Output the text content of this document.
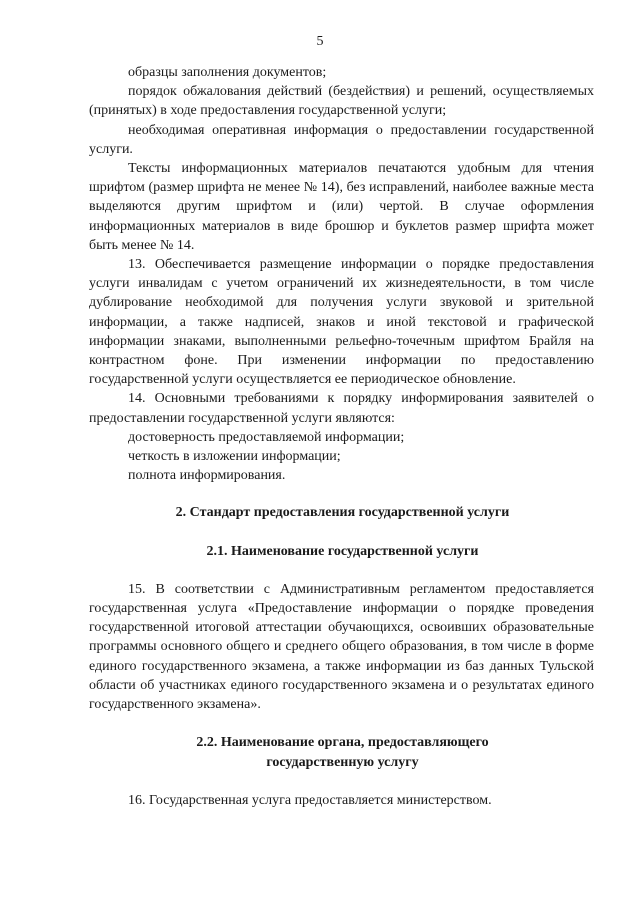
5

образцы заполнения документов;

порядок обжалования действий (бездействия) и решений, осуществляемых (принятых) в ходе предоставления государственной услуги;

необходимая оперативная информация о предоставлении государственной услуги.

Тексты информационных материалов печатаются удобным для чтения шрифтом (размер шрифта не менее № 14), без исправлений, наиболее важные места выделяются другим шрифтом и (или) чертой. В случае оформления информационных материалов в виде брошюр и буклетов размер шрифта может быть менее № 14.

13. Обеспечивается размещение информации о порядке предоставления услуги инвалидам с учетом ограничений их жизнедеятельности, в том числе дублирование необходимой для получения услуги звуковой и зрительной информации, а также надписей, знаков и иной текстовой и графической информации знаками, выполненными рельефно-точечным шрифтом Брайля на контрастном фоне. При изменении информации по предоставлению государственной услуги осуществляется ее периодическое обновление.

14. Основными требованиями к порядку информирования заявителей о предоставлении государственной услуги являются:

достоверность предоставляемой информации;

четкость в изложении информации;

полнота информирования.

2. Стандарт предоставления государственной услуги

2.1. Наименование государственной услуги

15. В соответствии с Административным регламентом предоставляется государственная услуга «Предоставление информации о порядке проведения государственной итоговой аттестации обучающихся, освоивших образовательные программы основного общего и среднего общего образования, в том числе в форме единого государственного экзамена, а также информации из баз данных Тульской области об участниках единого государственного экзамена и о результатах единого государственного экзамена».

2.2. Наименование органа, предоставляющего

государственную услугу

16. Государственная услуга предоставляется министерством.
